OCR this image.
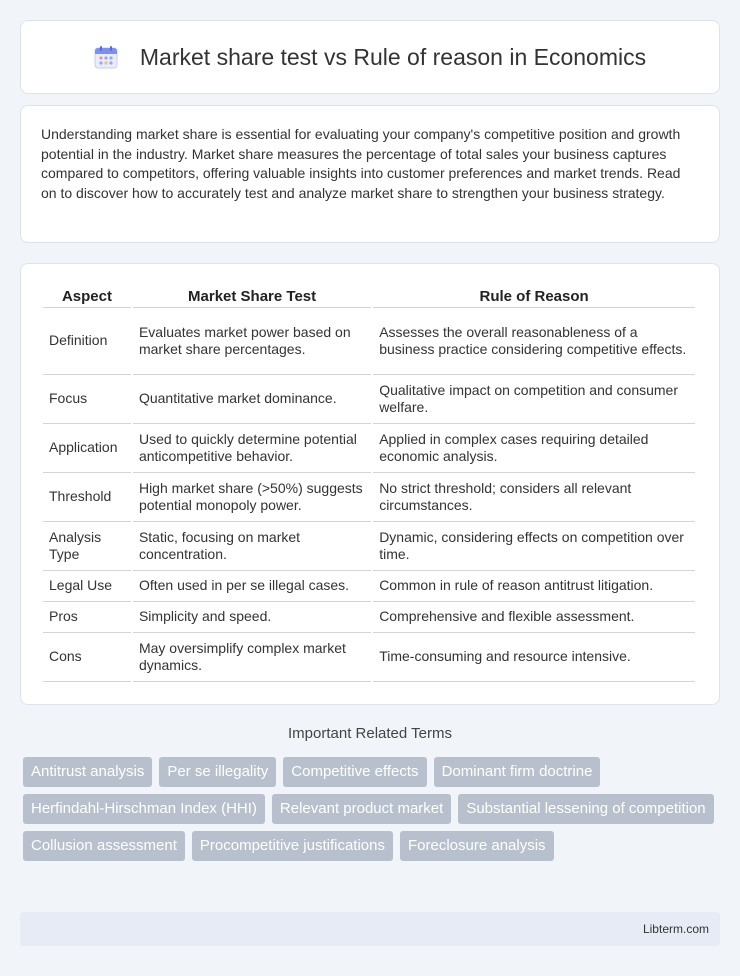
Market share test vs Rule of reason in Economics

Understanding market share is essential for evaluating your company's competitive position and growth potential in the industry. Market share measures the percentage of total sales your business captures compared to competitors, offering valuable insights into customer preferences and market trends. Read on to discover how to accurately test and analyze market share to strengthen your business strategy.

Aspect	Market Share Test	Rule of Reason
Definition	Evaluates market power based on market share percentages.	Assesses the overall reasonableness of a business practice considering competitive effects.
Focus	Quantitative market dominance.	Qualitative impact on competition and consumer welfare.
Application	Used to quickly determine potential anticompetitive behavior.	Applied in complex cases requiring detailed economic analysis.
Threshold	High market share (>50%) suggests potential monopoly power.	No strict threshold; considers all relevant circumstances.
Analysis Type	Static, focusing on market concentration.	Dynamic, considering effects on competition over time.
Legal Use	Often used in per se illegal cases.	Common in rule of reason antitrust litigation.
Pros	Simplicity and speed.	Comprehensive and flexible assessment.
Cons	May oversimplify complex market dynamics.	Time-consuming and resource intensive.
Important Related Terms
Antitrust analysis	Per se illegality	Competitive effects	Dominant firm doctrine
Herfindahl-Hirschman Index (HHI)	Relevant product market	Substantial lessening of competition
Collusion assessment	Procompetitive justifications	Foreclosure analysis
Libterm.com
